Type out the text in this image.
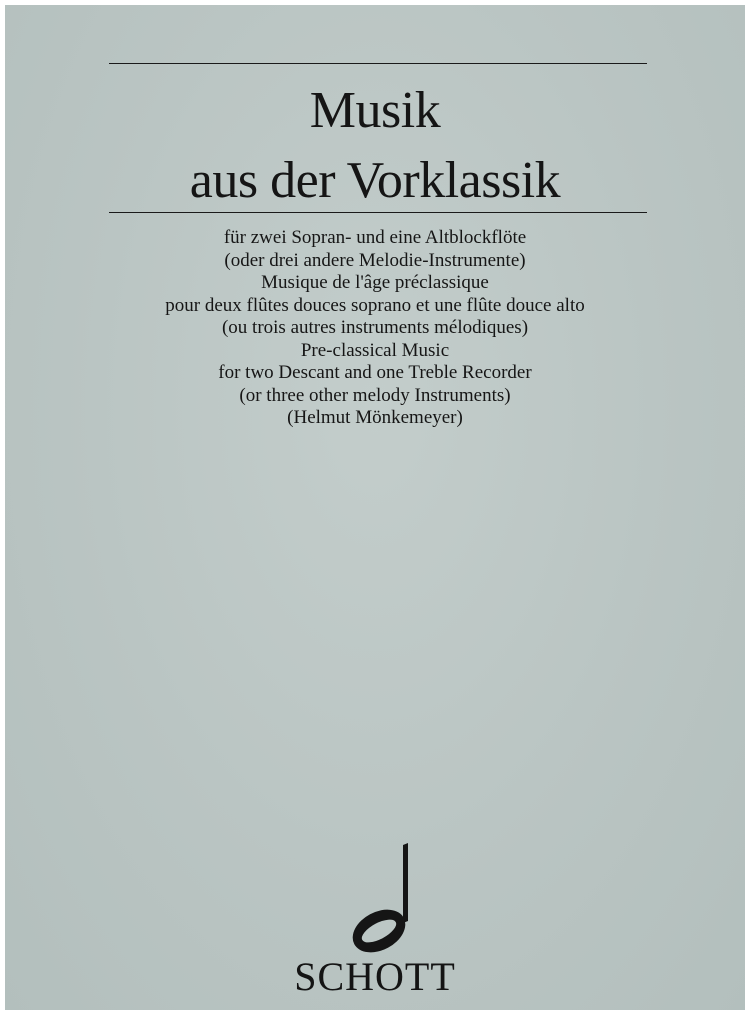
Musik
aus der Vorklassik
für zwei Sopran- und eine Altblockflöte
(oder drei andere Melodie-Instrumente)
Musique de l'âge préclassique
pour deux flûtes douces soprano et une flûte douce alto
(ou trois autres instruments mélodiques)
Pre-classical Music
for two Descant and one Treble Recorder
(or three other melody Instruments)
(Helmut Mönkemeyer)
SCHOTT
